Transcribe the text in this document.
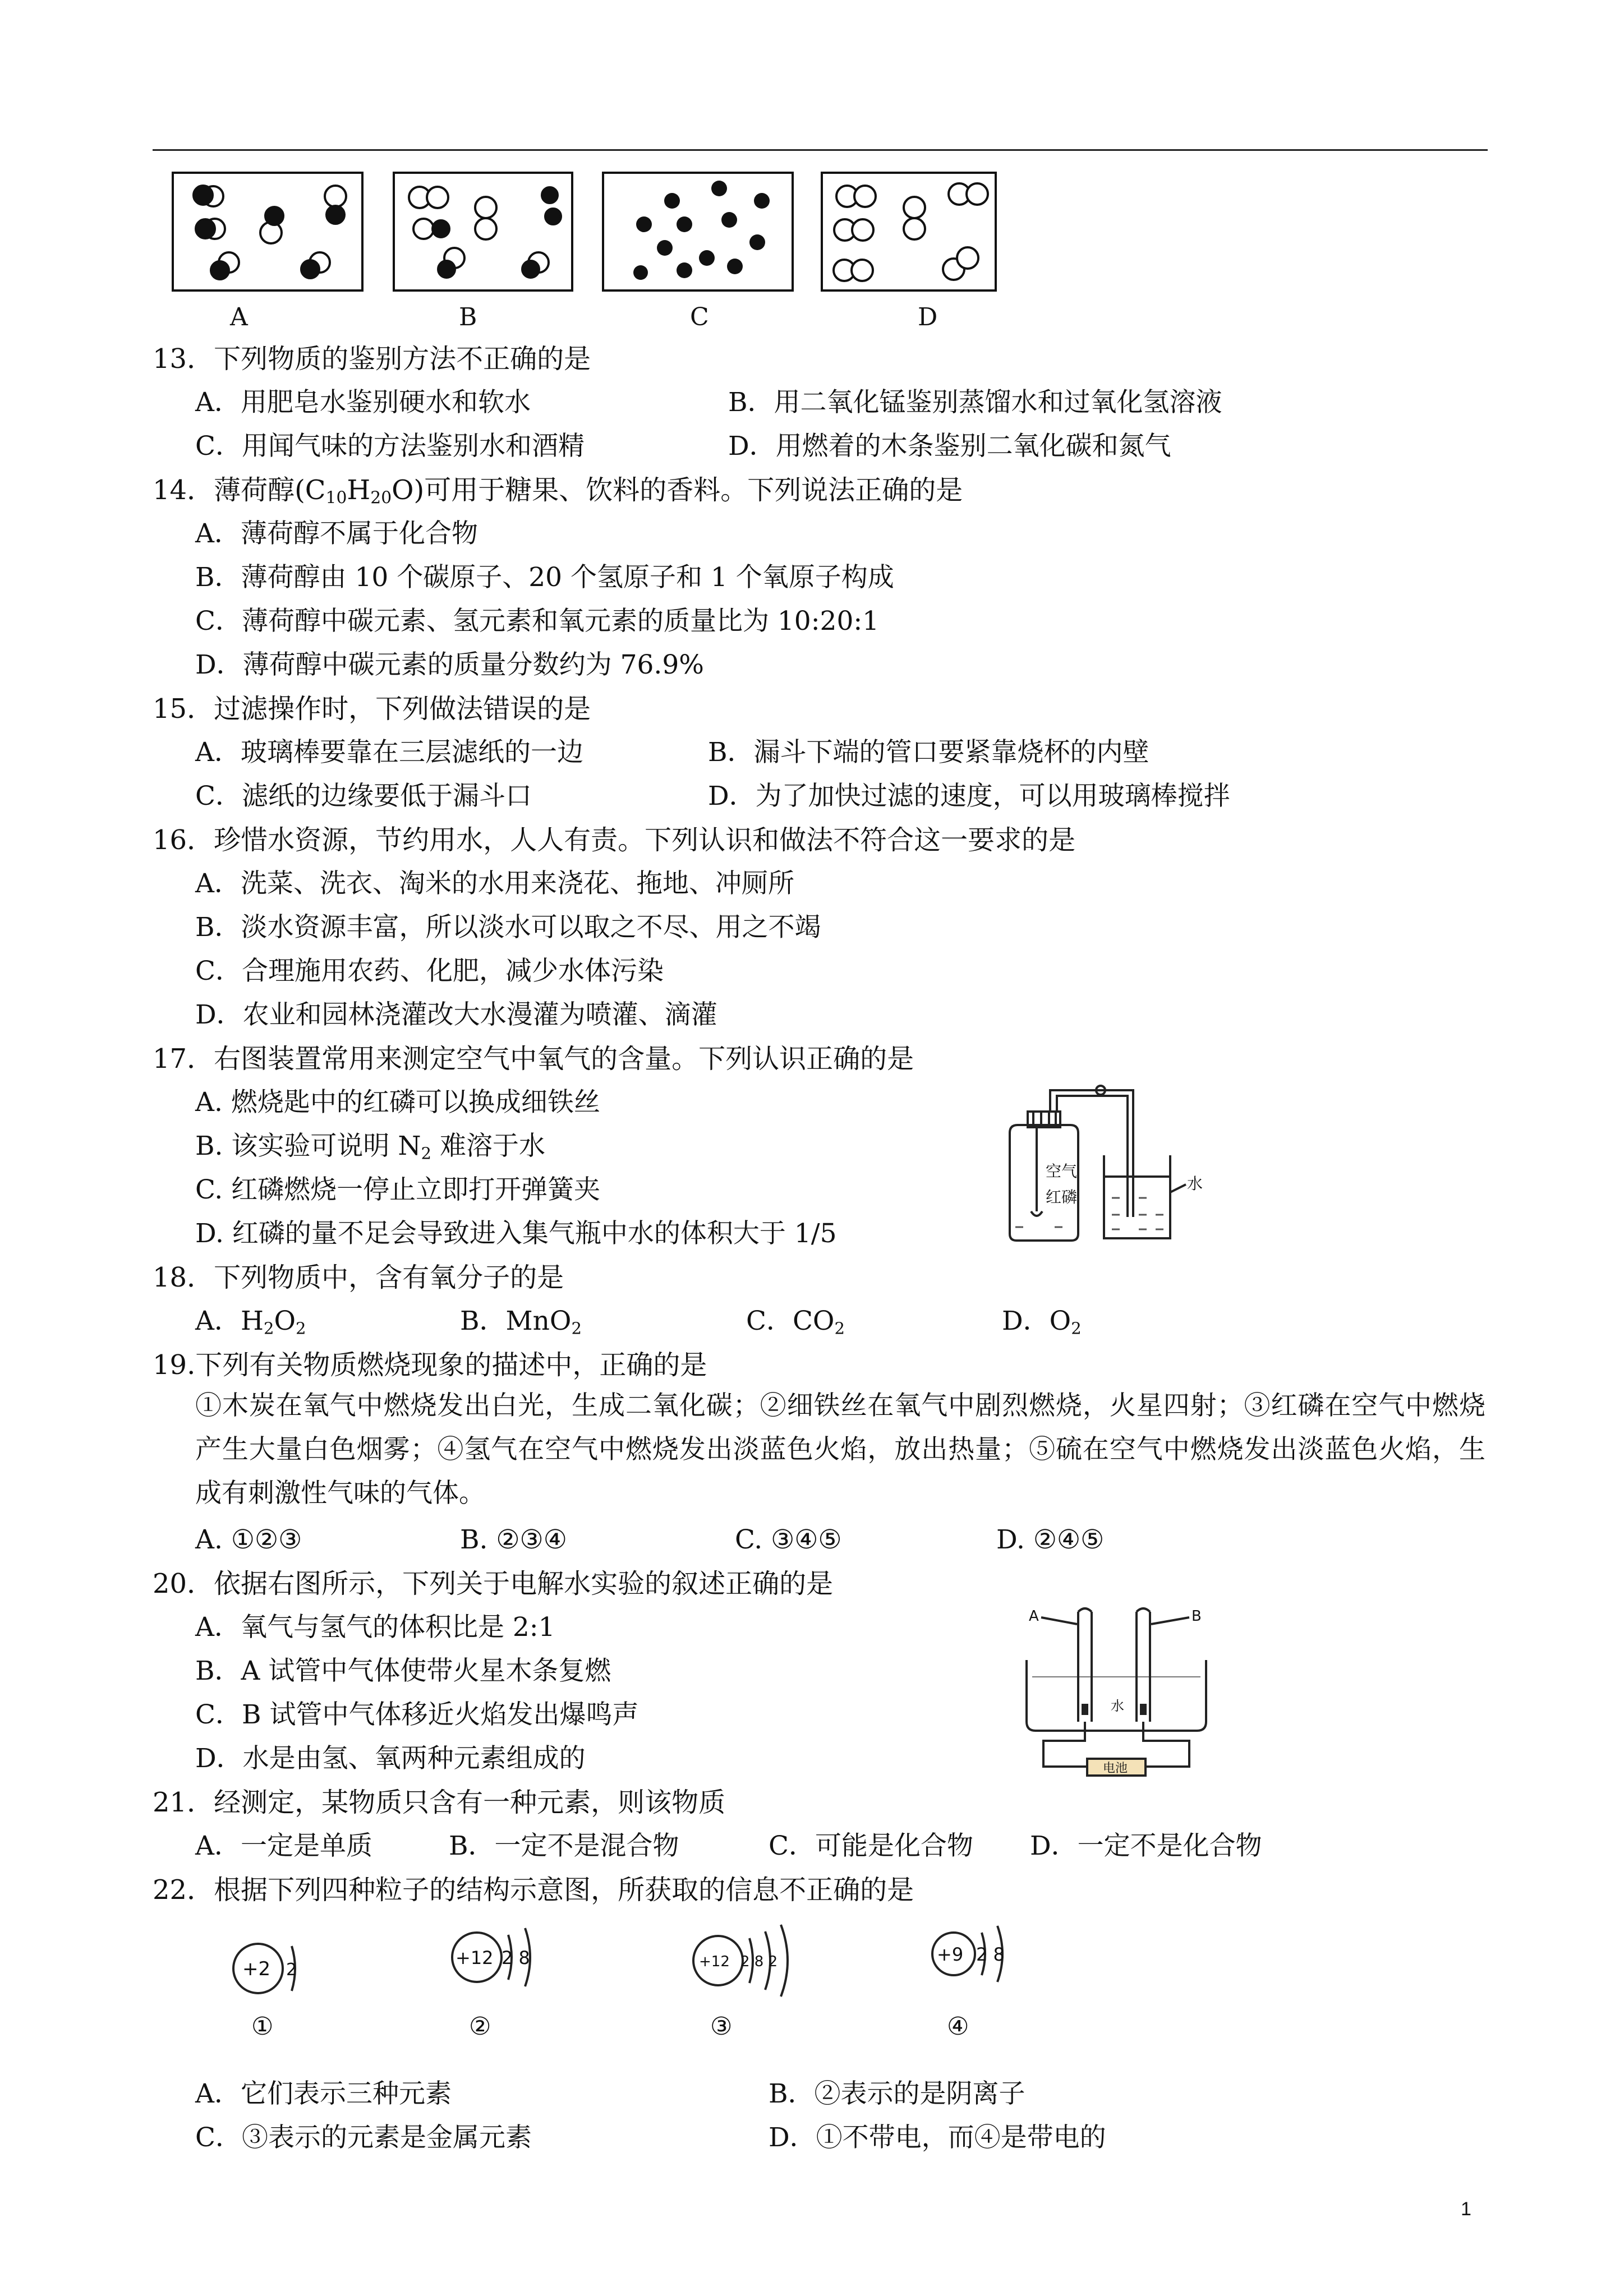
A	B	C	D
13．下列物质的鉴别方法不正确的是
A．用肥皂水鉴别硬水和软水	B．用二氧化锰鉴别蒸馏水和过氧化氢溶液
C．用闻气味的方法鉴别水和酒精	D．用燃着的木条鉴别二氧化碳和氮气
14．薄荷醇$(C_{10}H_{20}O)$可用于糖果、饮料的香料。下列说法正确的是
A．薄荷醇不属于化合物
B．薄荷醇由 10 个碳原子、20 个氢原子和 1 个氧原子构成
C．薄荷醇中碳元素、氢元素和氧元素的质量比为 10:20:1
D．薄荷醇中碳元素的质量分数约为 76.9%
15．过滤操作时，下列做法错误的是
A．玻璃棒要靠在三层滤纸的一边	B．漏斗下端的管口要紧靠烧杯的内壁
C．滤纸的边缘要低于漏斗口	D．为了加快过滤的速度，可以用玻璃棒搅拌
16．珍惜水资源，节约用水，人人有责。下列认识和做法不符合这一要求的是
A．洗菜、洗衣、淘米的水用来浇花、拖地、冲厕所
B．淡水资源丰富，所以淡水可以取之不尽、用之不竭
C．合理施用农药、化肥，减少水体污染
D．农业和园林浇灌改大水漫灌为喷灌、滴灌
17．右图装置常用来测定空气中氧气的含量。下列认识正确的是
A. 燃烧匙中的红磷可以换成细铁丝
B. 该实验可说明 $N_2$ 难溶于水
C. 红磷燃烧一停止立即打开弹簧夹
D. 红磷的量不足会导致进入集气瓶中水的体积大于 1/5
空气
红磷
水
18．下列物质中，含有氧分子的是
A．$H_2O_2$	B．MnO$_2$	C．$CO_2$	D．$O_2$
19.下列有关物质燃烧现象的描述中，正确的是
①木炭在氧气中燃烧发出白光，生成二氧化碳；②细铁丝在氧气中剧烈燃烧，火星四射；③红磷在空气中燃烧产生大量白色烟雾；④氢气在空气中燃烧发出淡蓝色火焰，放出热量；⑤硫在空气中燃烧发出淡蓝色火焰，生成有刺激性气味的气体。
A. ①②③	B. ②③④	C. ③④⑤	D. ②④⑤
20．依据右图所示，下列关于电解水实验的叙述正确的是
A．氧气与氢气的体积比是 2:1
B．A 试管中气体使带火星木条复燃
C．B 试管中气体移近火焰发出爆鸣声
D．水是由氢、氧两种元素组成的
A	B
水
电池
21．经测定，某物质只含有一种元素，则该物质
A．一定是单质	B．一定不是混合物	C．可能是化合物 D．一定不是化合物
22．根据下列四种粒子的结构示意图，所获取的信息不正确的是
+2 2
①
+12 2 8
②
+12 2 8 2
③
+9 2 8
④
A．它们表示三种元素	B．②表示的是阴离子
C．③表示的元素是金属元素	D．①不带电，而④是带电的
1
